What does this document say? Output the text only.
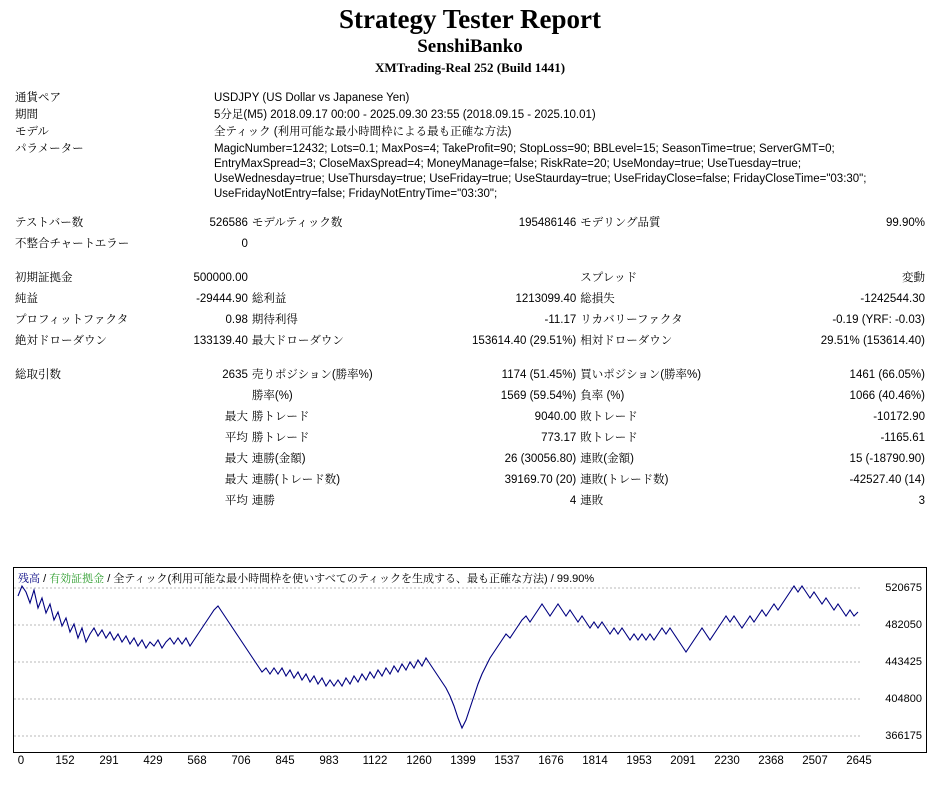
Strategy Tester Report
SenshiBanko
XMTrading-Real 252 (Build 1441)
通貨ペア	USDJPY (US Dollar vs Japanese Yen)
期間	5分足(M5) 2018.09.17 00:00 - 2025.09.30 23:55 (2018.09.15 - 2025.10.01)
モデル	全ティック (利用可能な最小時間枠による最も正確な方法)
パラメーター	MagicNumber=12432; Lots=0.1; MaxPos=4; TakeProfit=90; StopLoss=90; BBLevel=15; SeasonTime=true; ServerGMT=0;
EntryMaxSpread=3; CloseMaxSpread=4; MoneyManage=false; RiskRate=20; UseMonday=true; UseTuesday=true;
UseWednesday=true; UseThursday=true; UseFriday=true; UseStaurday=true; UseFridayClose=false; FridayCloseTime="03:30";
UseFridayNotEntry=false; FridayNotEntryTime="03:30";
テストバー数	526586	モデルティック数	195486146	モデリング品質	99.90%
不整合チャートエラー	0				

初期証拠金	500000.00			スプレッド	変動
純益	-29444.90	総利益	1213099.40	総損失	-1242544.30
プロフィットファクタ	0.98	期待利得	-11.17	リカバリーファクタ	-0.19 (YRF: -0.03)
絶対ドローダウン	133139.40	最大ドローダウン	153614.40 (29.51%)	相対ドローダウン	29.51% (153614.40)

総取引数	2635	売りポジション(勝率%)	1174 (51.45%)	買いポジション(勝率%)	1461 (66.05%)
		勝率(%)	1569 (59.54%)	負率 (%)	1066 (40.46%)
	最大	勝トレード	9040.00	敗トレード	-10172.90
	平均	勝トレード	773.17	敗トレード	-1165.61
	最大	連勝(金額)	26 (30056.80)	連敗(金額)	15 (-18790.90)
	最大	連勝(トレード数)	39169.70 (20)	連敗(トレード数)	-42527.40 (14)
	平均	連勝	4	連敗	3
残高 / 有効証拠金 / 全ティック(利用可能な最小時間枠を使いすべてのティックを生成する、最も正確な方法) / 99.90%
520675
482050
443425
404800
366175
0	152 291 429 568 706 845 983 1122 1260 1399 1537 1676 1814 1953 2091 2230 2368 2507 2645
